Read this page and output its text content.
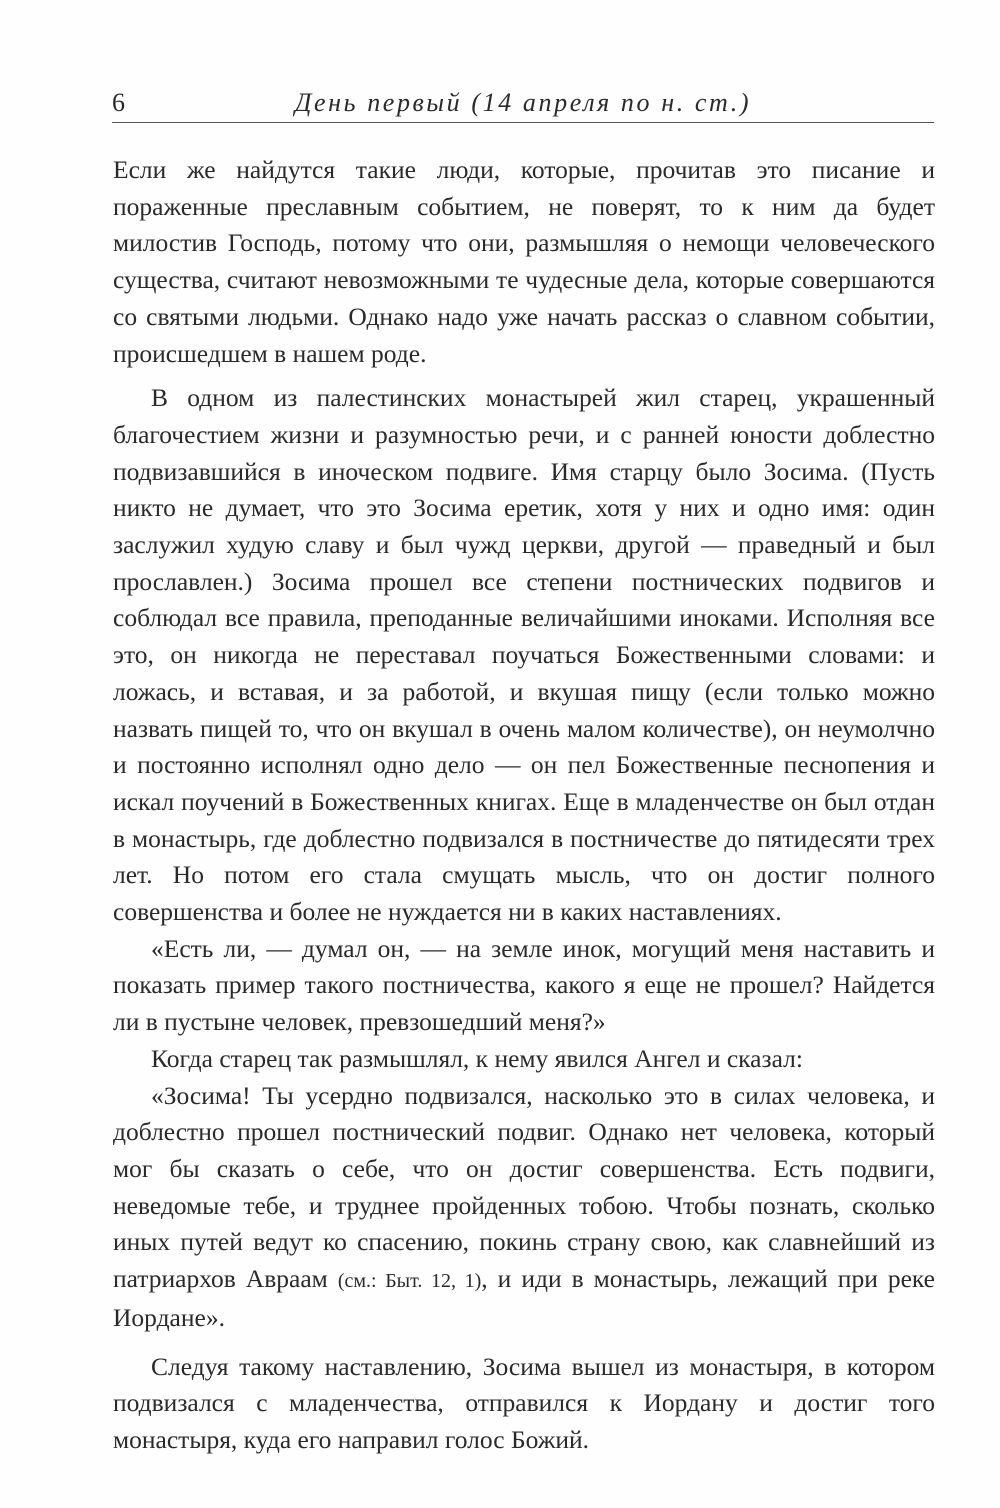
6	День первый (14 апреля по н. ст.)

Если же найдутся такие люди, которые, прочитав это писание и пораженные преславным событием, не поверят, то к ним да будет милостив Господь, потому что они, размышляя о немощи человеческого существа, считают невозможными те чудесные дела, которые совершаются со святыми людьми. Однако надо уже начать рассказ о славном событии, происшедшем в нашем роде.

В одном из палестинских монастырей жил старец, украшенный благочестием жизни и разумностью речи, и с ранней юности доблестно подвизавшийся в иноческом подвиге. Имя старцу было Зосима. (Пусть никто не думает, что это Зосима еретик, хотя у них и одно имя: один заслужил худую славу и был чужд церкви, другой — праведный и был прославлен.) Зосима прошел все степени постнических подвигов и соблюдал все правила, преподанные величайшими иноками. Исполняя все это, он никогда не переставал поучаться Божественными словами: и ложась, и вставая, и за работой, и вкушая пищу (если только можно назвать пищей то, что он вкушал в очень малом количестве), он неумолчно и постоянно исполнял одно дело — он пел Божественные песнопения и искал поучений в Божественных книгах. Еще в младенчестве он был отдан в монастырь, где доблестно подвизался в постничестве до пятидесяти трех лет. Но потом его стала смущать мысль, что он достиг полного совершенства и более не нуждается ни в каких наставлениях.

«Есть ли, — думал он, — на земле инок, могущий меня наставить и показать пример такого постничества, какого я еще не прошел? Найдется ли в пустыне человек, превзошедший меня?»

Когда старец так размышлял, к нему явился Ангел и сказал:

«Зосима! Ты усердно подвизался, насколько это в силах человека, и доблестно прошел постнический подвиг. Однако нет человека, который мог бы сказать о себе, что он достиг совершенства. Есть подвиги, неведомые тебе, и труднее пройденных тобою. Чтобы познать, сколько иных путей ведут ко спасению, покинь страну свою, как славнейший из патриархов Авраам (см.: Быт. 12, 1), и иди в монастырь, лежащий при реке Иордане».

Следуя такому наставлению, Зосима вышел из монастыря, в котором подвизался с младенчества, отправился к Иордану и достиг того монастыря, куда его направил голос Божий.
